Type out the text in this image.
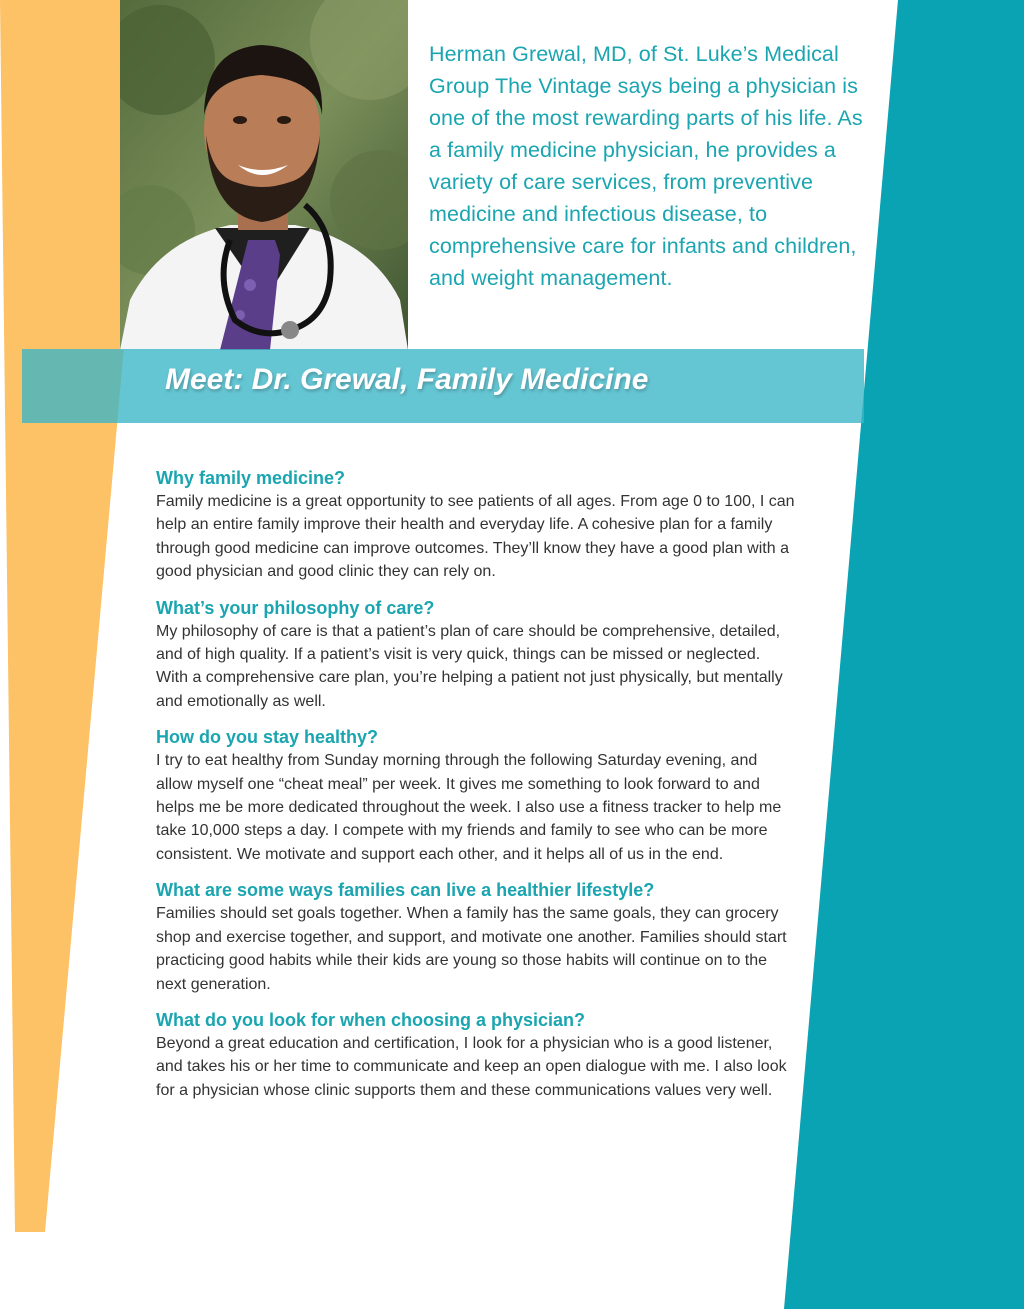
Herman Grewal, MD, of St. Luke’s Medical Group The Vintage says being a physician is one of the most rewarding parts of his life. As a family medicine physician, he provides a variety of care services, from preventive medicine and infectious disease, to comprehensive care for infants and children, and weight management.
Meet: Dr. Grewal, Family Medicine
Why family medicine?

Family medicine is a great opportunity to see patients of all ages. From age 0 to 100, I can help an entire family improve their health and everyday life. A cohesive plan for a family through good medicine can improve outcomes. They’ll know they have a good plan with a good physician and good clinic they can rely on.

What’s your philosophy of care?

My philosophy of care is that a patient’s plan of care should be comprehensive, detailed, and of high quality. If a patient’s visit is very quick, things can be missed or neglected. With a comprehensive care plan, you’re helping a patient not just physically, but mentally and emotionally as well.

How do you stay healthy?

I try to eat healthy from Sunday morning through the following Saturday evening, and allow myself one “cheat meal” per week. It gives me something to look forward to and helps me be more dedicated throughout the week. I also use a fitness tracker to help me take 10,000 steps a day. I compete with my friends and family to see who can be more consistent. We motivate and support each other, and it helps all of us in the end.

What are some ways families can live a healthier lifestyle?

Families should set goals together. When a family has the same goals, they can grocery shop and exercise together, and support, and motivate one another. Families should start practicing good habits while their kids are young so those habits will continue on to the next generation.

What do you look for when choosing a physician?

Beyond a great education and certification, I look for a physician who is a good listener, and takes his or her time to communicate and keep an open dialogue with me. I also look for a physician whose clinic supports them and these communications values very well.
